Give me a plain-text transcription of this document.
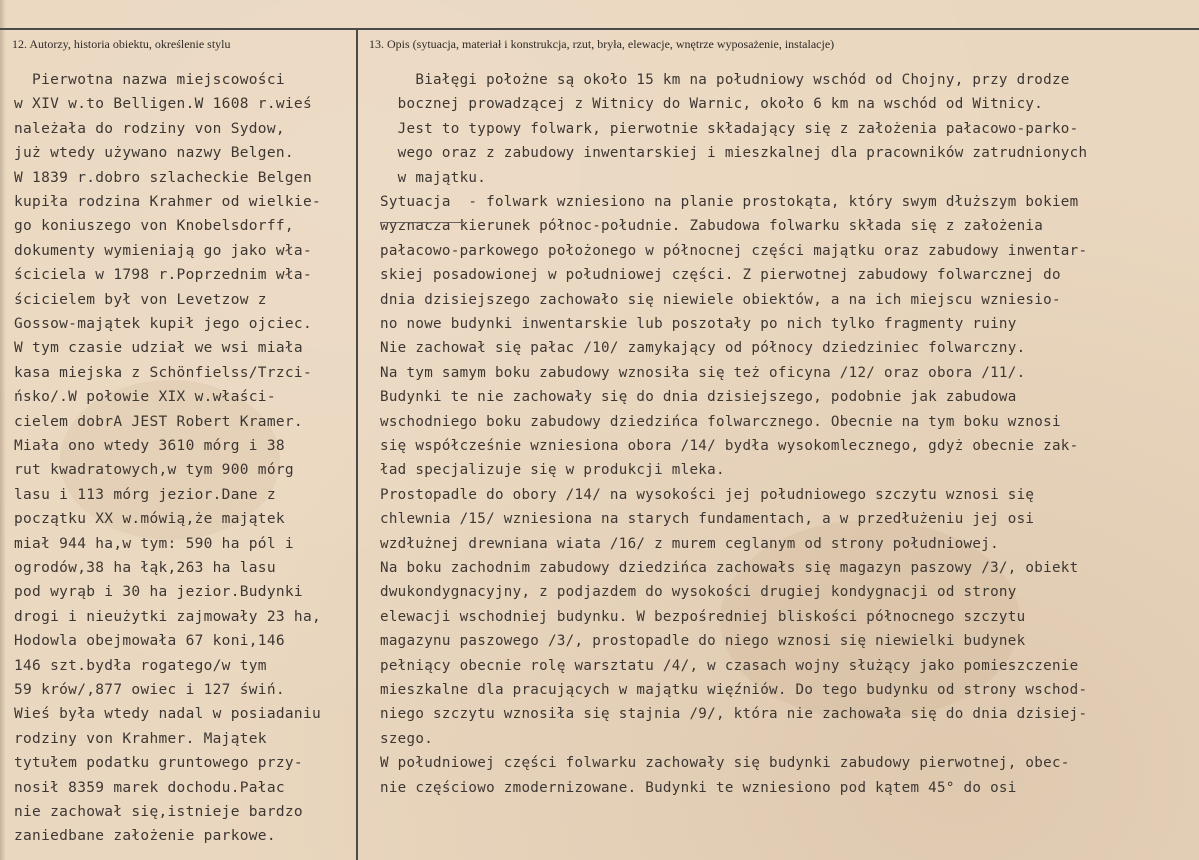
12. Autorzy, historia obiektu, określenie stylu	13. Opis (sytuacja, materiał i konstrukcja, rzut, bryła, elewacje, wnętrze wyposażenie, instalacje)
Pierwotna nazwa miejscowości
w XIV w.to Belligen.W 1608 r.wieś
należała do rodziny von Sydow,
już wtedy używano nazwy Belgen.
W 1839 r.dobro szlacheckie Belgen
kupiła rodzina Krahmer od wielkie-
go koniuszego von Knobelsdorff,
dokumenty wymieniają go jako wła-
ściciela w 1798 r.Poprzednim wła-
ścicielem był von Levetzow z
Gossow-majątek kupił jego ojciec.
W tym czasie udział we wsi miała
kasa miejska z Schönfielss/Trzci-
ńsko/.W połowie XIX w.właści-
cielem dobrA JEST Robert Kramer.
Miała ono wtedy 3610 mórg i 38
rut kwadratowych,w tym 900 mórg
lasu i 113 mórg jezior.Dane z
początku XX w.mówią,że majątek
miał 944 ha,w tym: 590 ha pól i
ogrodów,38 ha łąk,263 ha lasu
pod wyrąb i 30 ha jezior.Budynki
drogi i nieużytki zajmowały 23 ha,
Hodowla obejmowała 67 koni,146
146 szt.bydła rogatego/w tym
59 krów/,877 owiec i 127 świń.
Wieś była wtedy nadal w posiadaniu
rodziny von Krahmer. Majątek
tytułem podatku gruntowego przy-
nosił 8359 marek dochodu.Pałac
nie zachował się,istnieje bardzo
zaniedbane założenie parkowe.
Białęgi położne są około 15 km na południowy wschód od Chojny, przy drodze
bocznej prowadzącej z Witnicy do Warnic, około 6 km na wschód od Witnicy.
Jest to typowy folwark, pierwotnie składający się z założenia pałacowo-parko-
wego oraz z zabudowy inwentarskiej i mieszkalnej dla pracowników zatrudnionych
w majątku.
Sytuacja  - folwark wzniesiono na planie prostokąta, który swym dłuższym bokiem
wyznacza kierunek północ-południe. Zabudowa folwarku składa się z założenia
pałacowo-parkowego położonego w północnej części majątku oraz zabudowy inwentar-
skiej posadowionej w południowej części. Z pierwotnej zabudowy folwarcznej do
dnia dzisiejszego zachowało się niewiele obiektów, a na ich miejscu wzniesio-
no nowe budynki inwentarskie lub poszotały po nich tylko fragmenty ruiny
Nie zachował się pałac /10/ zamykający od północy dziedziniec folwarczny.
Na tym samym boku zabudowy wznosiła się też oficyna /12/ oraz obora /11/.
Budynki te nie zachowały się do dnia dzisiejszego, podobnie jak zabudowa
wschodniego boku zabudowy dziedzińca folwarcznego. Obecnie na tym boku wznosi
się współcześnie wzniesiona obora /14/ bydła wysokomlecznego, gdyż obecnie zak-
ład specjalizuje się w produkcji mleka.
Prostopadle do obory /14/ na wysokości jej południowego szczytu wznosi się
chlewnia /15/ wzniesiona na starych fundamentach, a w przedłużeniu jej osi
wzdłużnej drewniana wiata /16/ z murem ceglanym od strony południowej.
Na boku zachodnim zabudowy dziedzińca zachowałs się magazyn paszowy /3/, obiekt
dwukondygnacyjny, z podjazdem do wysokości drugiej kondygnacji od strony
elewacji wschodniej budynku. W bezpośredniej bliskości północnego szczytu
magazynu paszowego /3/, prostopadle do niego wznosi się niewielki budynek
pełniący obecnie rolę warsztatu /4/, w czasach wojny służący jako pomieszczenie
mieszkalne dla pracujących w majątku więźniów. Do tego budynku od strony wschod-
niego szczytu wznosiła się stajnia /9/, która nie zachowała się do dnia dzisiej-
szego.
W południowej części folwarku zachowały się budynki zabudowy pierwotnej, obec-
nie częściowo zmodernizowane. Budynki te wzniesiono pod kątem 45° do osi
